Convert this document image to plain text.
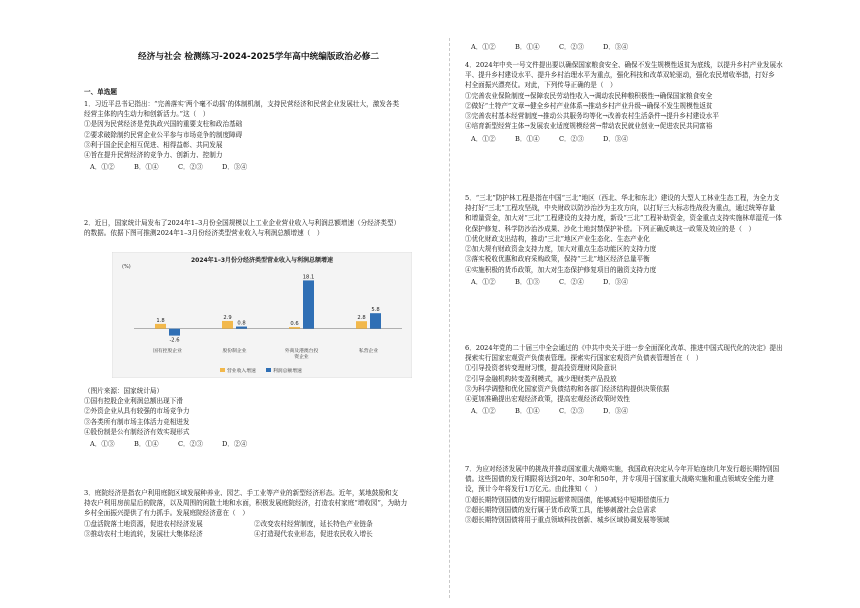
经济与社会 检测练习-2024-2025学年高中统编版政治必修二
一、单选题

1．习近平总书记指出：“完善落实‘两个毫不动摇’的体制机制，支持民营经济和民营企业发展壮大，激发各类

经营主体的内生动力和创新活力。”这（　）

①是因为民营经济是党执政兴国的重要支柱和政治基础

②要求破除制约民营企业公平参与市场竞争的制度障碍

③利于国企民企相互促进、相得益彰、共同发展

④旨在提升民营经济的竞争力、创新力、控制力

A．①②	B．①④	C．②③	D．③④

2．近日，国家统计局发布了2024年1–3月份全国规模以上工业企业营业收入与利润总额增速（分经济类型）

的数据。依据下图可推测2024年1–3月份经济类型营业收入与利润总额增速（　）

2024年1–3月份分经济类型营业收入与利润总额增速
(%)
1.8
-2.6
国有控股企业
2.9
0.8
股份制企业
0.6
18.1
外商及港澳台投
资企业
2.8
5.8
私营企业
营业收入增速	利润总额增速

（图片来源：国家统计局）

①国有控股企业利润总额出现下滑

②外资企业从具有较强的市场竞争力

③各类所有制市场主体活力竞相迸发

④股份制是公有制经济有效实现形式

A．①③	B．①④	C．②③	D．②④

3．庭院经济是指农户利用庭院区域发展种养业、园艺、手工业等产业的新型经济形态。近年，某地鼓励和支

持农户利用房前屋后的院落，以及周围的闲散土地和水面，积极发展庭院经济，打造农村家庭“增收园”，为助力

乡村全面振兴提供了有力抓手。发展庭院经济意在（　）

①盘活院落土地资源，促进农村经济发展	②改变农村经营制度，延长特色产业链条

③推动农村土地流转，发展壮大集体经济	④打造现代农业形态，促进农民收入增长

A．①②	B．①④	C．②③	D．③④

4．2024年中央一号文件提出要以确保国家粮食安全、确保不发生规模性返贫为底线，以提升乡村产业发展水

平、提升乡村建设水平、提升乡村治理水平为重点，强化科技和改革双轮驱动，强化农民增收举措，打好乡

村全面振兴漂亮仗。对此，下列传导正确的是（　）

①完善农业保险制度→保障农民劳动性收入→调动农民种粮积极性→确保国家粮食安全

②做好“土特产”文章→健全乡村产业体系→推动乡村产业升级→确保不发生规模性返贫

③完善农村基本经营制度→推动公共服务均等化→改善农村生活条件→提升乡村建设水平

④培育新型经营主体→发展农业适度规模经营→带动农民就业创业→促进农民共同富裕

A．①②	B．①④	C．②③	D．③④

5．“三北”防护林工程是指在中国“三北”地区（西北、华北和东北）建设的大型人工林业生态工程，为全力支

持打好“三北”工程攻坚战，中央财政以防沙治沙为主攻方向，以打好三大标志性战役为重点，通过统筹存量

和增量资金，加大对“三北”工程建设的支持力度，新设“三北”工程补助资金，资金重点支持实施林草湿荒一体

化保护修复、科学防沙治沙成果、沙化土地封禁保护补偿。下列正确反映这一政策及效应的是（　）

①优化财政支出结构，推动“三北”地区产业生态化、生态产业化

②加大规有财政资金支持力度，加大对重点生态功能区的支持力度

③落实税收优惠和政府采购政策，保持“三北”地区经济总量平衡

④实施积极的货币政策，加大对生态保护修复项目的融资支持力度

A．①②	B．①③	C．②④	D．③④

6．2024年党的二十届三中全会通过的《中共中央关于进一步全面深化改革、推进中国式现代化的决定》提出

探索实行国家宏观资产负债表管理。探索实行国家宏观资产负债表管理旨在（　）

①引导投资者转变理财习惯，提高投资理财风险意识

②引导金融机构转变盈利模式，减少理财类产品投放

③为科学调整和优化国家资产负债结构和各部门经济结构提供决策依据

④更加准确提出宏观经济政策，提高宏观经济政策时效性

A．①②	B．①④	C．②③	D．③④

7．为应对经济发展中的挑战并推动国家重大战略实施，我国政府决定从今年开始连续几年发行超长期特别国

债。这些国债的发行期限将达到20年、30年和50年，并专项用于国家重大战略实施和重点领域安全能力建

设，预计今年将发行1万亿元。由此推知（　）

①超长期特别国债的发行期限远超常规国债，能够减轻中短期偿债压力

②超长期特别国债的发行属于货币政策工具，能够刺激社会总需求

③超长期特别国债将用于重点领域科技创新、城乡区域协调发展等领域
